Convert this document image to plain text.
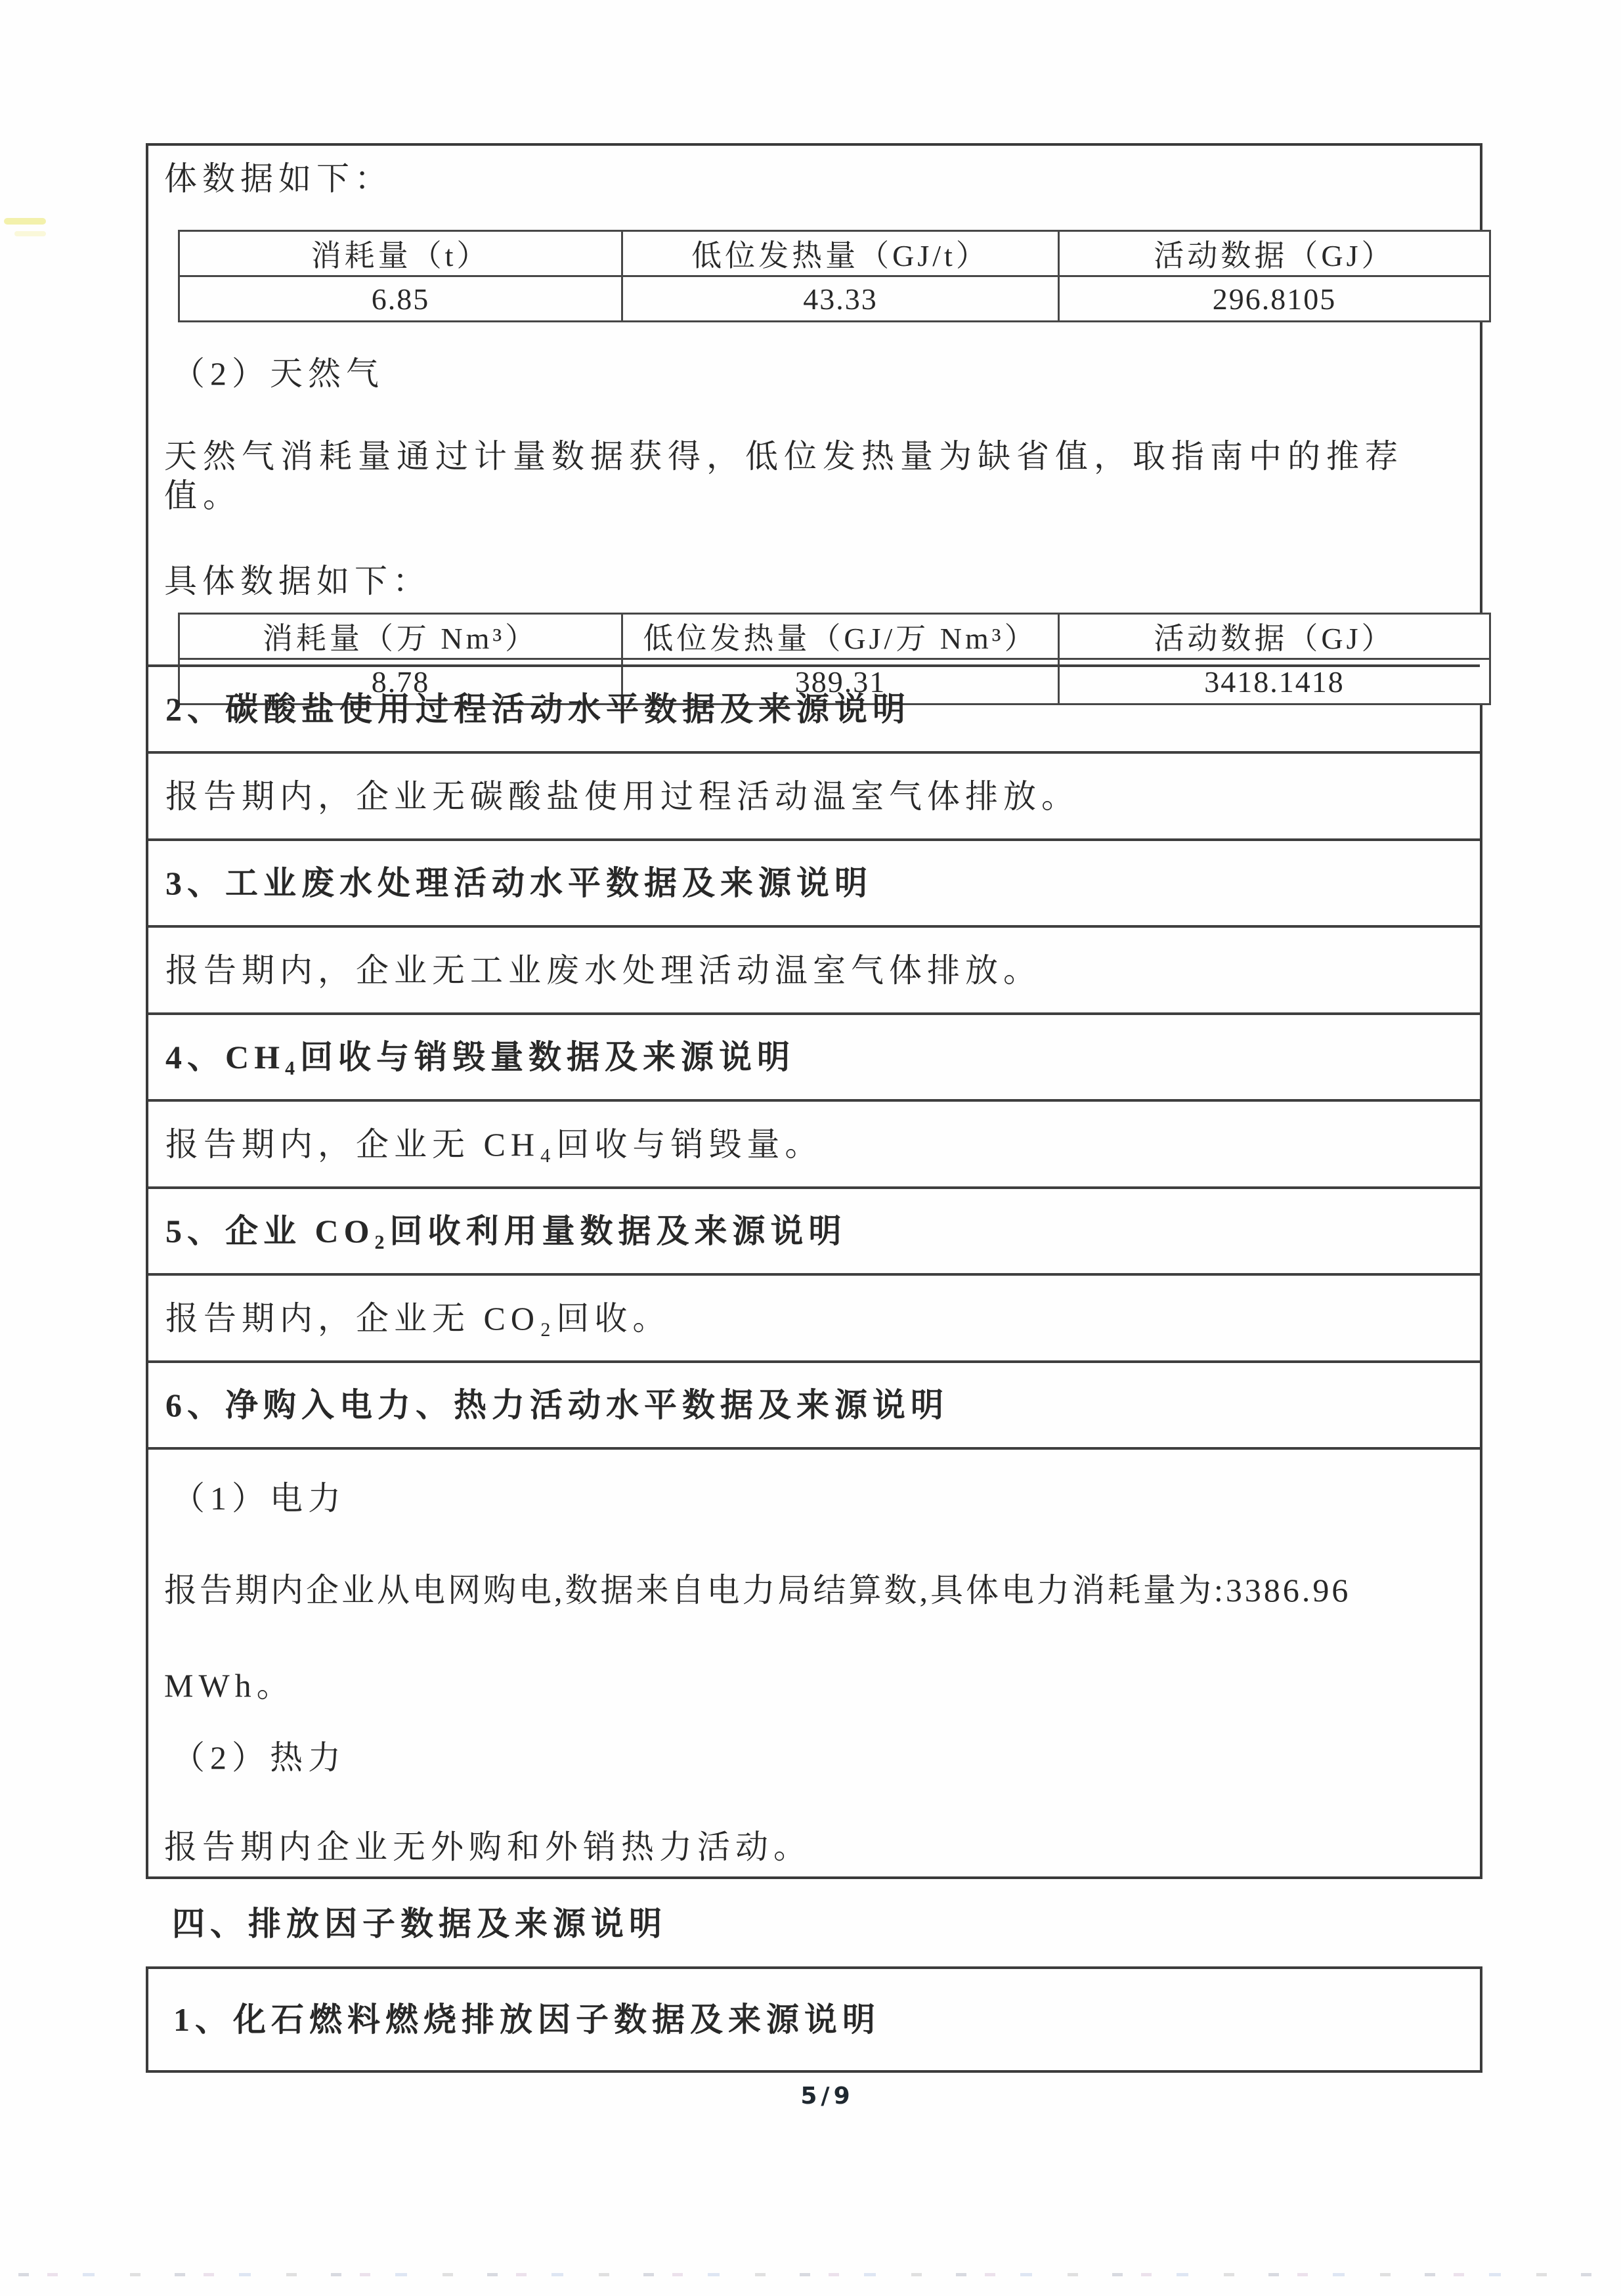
体数据如下：

消耗量（t）	低位发热量（GJ/t）	活动数据（GJ）
6.85	43.33	296.8105

（2）天然气

天然气消耗量通过计量数据获得，低位发热量为缺省值，取指南中的推荐值。

具体数据如下：

消耗量（万 Nm³）	低位发热量（GJ/万 Nm³）	活动数据（GJ）
8.78	389.31	3418.1418
2、碳酸盐使用过程活动水平数据及来源说明
报告期内，企业无碳酸盐使用过程活动温室气体排放。
3、工业废水处理活动水平数据及来源说明
报告期内，企业无工业废水处理活动温室气体排放。
4、CH₄回收与销毁量数据及来源说明
报告期内，企业无 CH₄回收与销毁量。
5、企业 CO₂回收利用量数据及来源说明
报告期内，企业无 CO₂回收。
6、净购入电力、热力活动水平数据及来源说明

（1）电力

报告期内企业从电网购电,数据来自电力局结算数,具体电力消耗量为:3386.96

MWh。

（2）热力

报告期内企业无外购和外销热力活动。

四、排放因子数据及来源说明

1、化石燃料燃烧排放因子数据及来源说明
5/9
